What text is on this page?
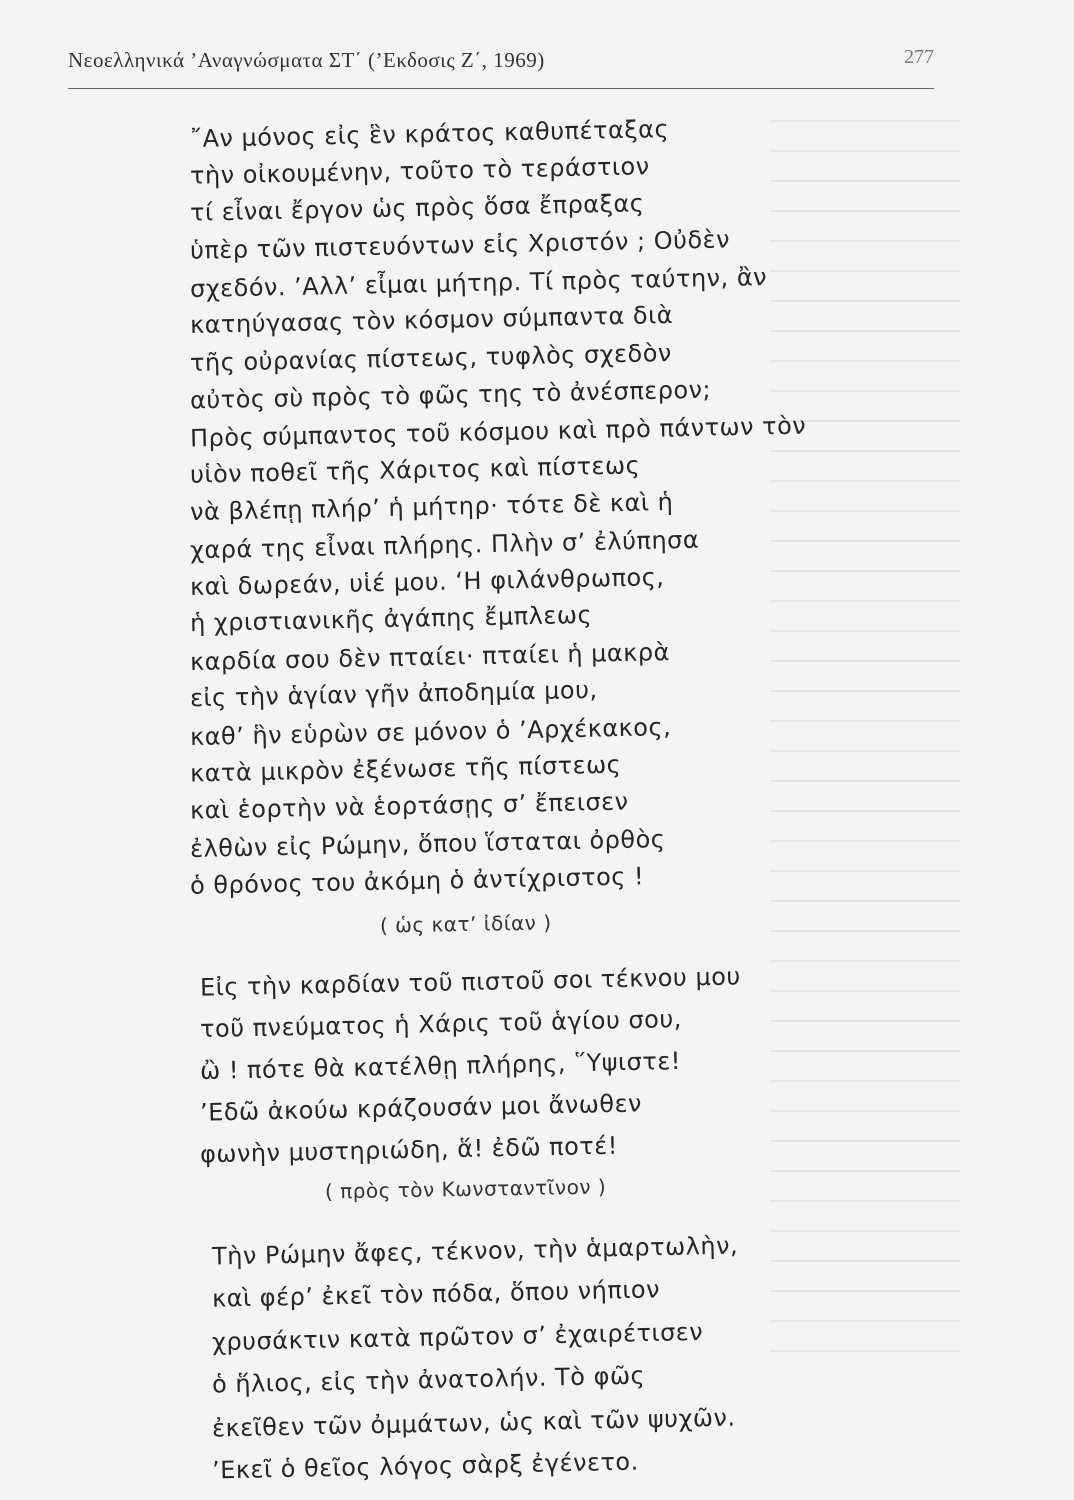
Νεοελληνικά ’Αναγνώσματα ΣΤ΄ (’Εκδοσις Ζ΄, 1969)	277
῎Αν μόνος εἰς ἓν κράτος καθυπέταξας
τὴν οἰκουμένην, τοῦτο τὸ τεράστιον
τί εἶναι ἔργον ὡς πρὸς ὅσα ἔπραξας
ὑπὲρ τῶν πιστευόντων εἰς Χριστόν ; Οὐδὲν
σχεδόν. ’Αλλ’ εἶμαι μήτηρ. Τί πρὸς ταύτην, ἂν
κατηύγασας τὸν κόσμον σύμπαντα διὰ
τῆς οὐρανίας πίστεως, τυφλὸς σχεδὸν
αὐτὸς σὺ πρὸς τὸ φῶς της τὸ ἀνέσπερον;
Πρὸς σύμπαντος τοῦ κόσμου καὶ πρὸ πάντων τὸν
υἱὸν ποθεῖ τῆς Χάριτος καὶ πίστεως
νὰ βλέπῃ πλήρ’ ἡ μήτηρ· τότε δὲ καὶ ἡ
χαρά της εἶναι πλήρης. Πλὴν σ’ ἐλύπησα
καὶ δωρεάν, υἱέ μου. ‘Η φιλάνθρωπος,
ἡ χριστιανικῆς ἀγάπης ἔμπλεως
καρδία σου δὲν πταίει· πταίει ἡ μακρὰ
εἰς τὴν ἁγίαν γῆν ἀποδημία μου,
καθ’ ἣν εὑρὼν σε μόνον ὁ ’Αρχέκακος,
κατὰ μικρὸν ἐξένωσε τῆς πίστεως
καὶ ἑορτὴν νὰ ἑορτάσῃς σ’ ἔπεισεν
ἐλθὼν εἰς Ρώμην, ὅπου ἵσταται ὀρθὸς
ὁ θρόνος του ἀκόμη ὁ ἀντίχριστος !
( ὡς κατ’ ἰδίαν )
Εἰς τὴν καρδίαν τοῦ πιστοῦ σοι τέκνου μου
τοῦ πνεύματος ἡ Χάρις τοῦ ἁγίου σου,
ὢ ! πότε θὰ κατέλθῃ πλήρης, ῞Υψιστε!
’Εδῶ ἀκούω κράζουσάν μοι ἄνωθεν
φωνὴν μυστηριώδη, ἅ! ἐδῶ ποτέ!
( πρὸς τὸν Κωνσταντῖνον )
Τὴν Ρώμην ἄφες, τέκνον, τὴν ἁμαρτωλὴν,
καὶ φέρ’ ἐκεῖ τὸν πόδα, ὅπου νήπιον
χρυσάκτιν κατὰ πρῶτον σ’ ἐχαιρέτισεν
ὁ ἥλιος, εἰς τὴν ἀνατολήν. Τὸ φῶς
ἐκεῖθεν τῶν ὀμμάτων, ὡς καὶ τῶν ψυχῶν.
’Εκεῖ ὁ θεῖος λόγος σὰρξ ἐγένετο.
